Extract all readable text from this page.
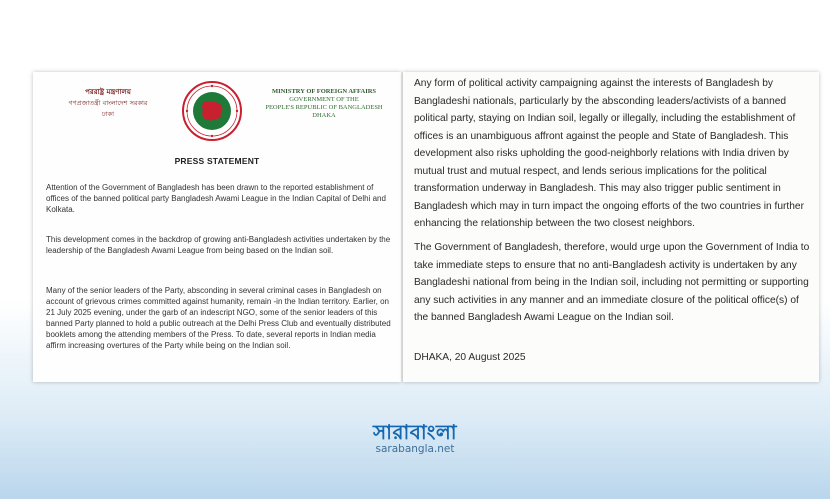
পররাষ্ট্র মন্ত্রণালয়
গণপ্রজাতন্ত্রী বাংলাদেশ সরকার
ঢাকা
MINISTRY OF FOREIGN AFFAIRS
GOVERNMENT OF THE
PEOPLE'S REPUBLIC OF BANGLADESH
DHAKA
PRESS STATEMENT

Attention of the Government of Bangladesh has been drawn to the reported establishment of offices of the banned political party Bangladesh Awami League in the Indian Capital of Delhi and Kolkata.

This development comes in the backdrop of growing anti-Bangladesh activities undertaken by the leadership of the Bangladesh Awami League from being based on the Indian soil.

Many of the senior leaders of the Party, absconding in several criminal cases in Bangladesh on account of grievous crimes committed against humanity, remain -in the Indian territory. Earlier, on 21 July 2025 evening, under the garb of an indescript NGO, some of the senior leaders of this banned Party planned to hold a public outreach at the Delhi Press Club and eventually distributed booklets among the attending members of the Press. To date, several reports in Indian media affirm increasing overtures of the Party while being on the Indian soil.

Any form of political activity campaigning against the interests of Bangladesh by Bangladeshi nationals, particularly by the absconding leaders/activists of a banned political party, staying on Indian soil, legally or illegally, including the establishment of offices is an unambiguous affront against the people and State of Bangladesh. This development also risks upholding the good-neighborly relations with India driven by mutual trust and mutual respect, and lends serious implications for the political transformation underway in Bangladesh. This may also trigger public sentiment in Bangladesh which may in turn impact the ongoing efforts of the two countries in further enhancing the relationship between the two closest neighbors.

The Government of Bangladesh, therefore, would urge upon the Government of India to take immediate steps to ensure that no anti-Bangladesh activity is undertaken by any Bangladeshi national from being in the Indian soil, including not permitting or supporting any such activities in any manner and an immediate closure of the political office(s) of the banned Bangladesh Awami League on the Indian soil.

DHAKA, 20 August 2025

সারাবাংলা
sarabangla.net
